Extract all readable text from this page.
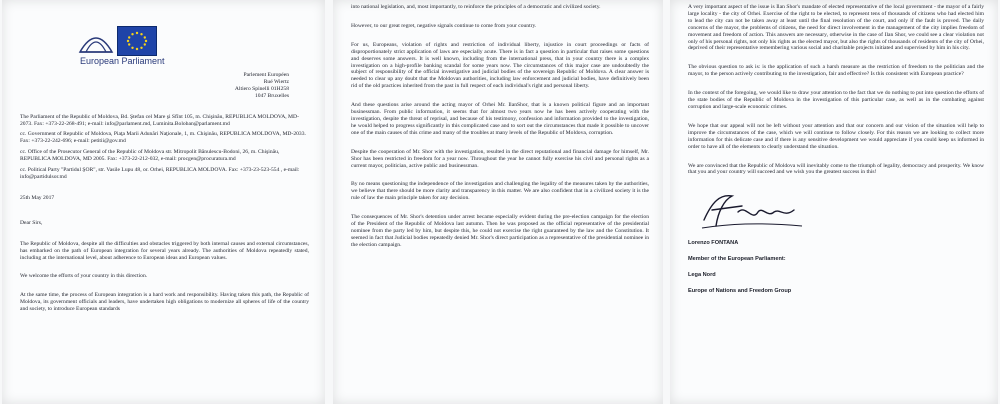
European Parliament
Parlement Européen
Rué Wiertz
Altiero Spinelli 01H258
1047 Bruxelles

The Parliament of the Republic of Moldova, Bd. Ştefan cel Mare şi Sfînt 105, m. Chişinău, REPUBLICA MOLDOVA, MD-2073. Fax: +373-22-268-491; e-mail: info@parlament.md, Luminita.Boloban@parlament.md

cc. Government of Republic of Moldova, Piaţa Marii Adunări Naţionale, 1, m. Chişinău, REPUBLICA MOLDOVA, MD-2033. Fax: +373-22-242-696; e-mail: petitii@gov.md

cc. Office of the Prosecutor General of the Republic of Moldova str. Mitropolit Bănulescu-Bodoni, 26, m. Chişinău, REPUBLICA MOLDOVA, MD 2005. Fax: +373-22-212-032, e-mail: procgen@procuratura.md

cc. Political Party "Partidul ŞOR", str. Vasile Lupu 48, or. Orhei, REPUBLICA MOLDOVA. Fax: +373-23-523-554 , e-mail: info@partidulsor.md

25th May 2017
Dear Sirs,

The Republic of Moldova, despite all the difficulties and obstacles triggered by both internal causes and external circumstances, has embarked on the path of European integration for several years already. The authorities of Moldova repeatedly stated, including at the international level, about adherence to European ideas and European values.

We welcome the efforts of your country in this direction.

At the same time, the process of European integration is a hard work and responsibility. Having taken this path, the Republic of Moldova, its government officials and leaders, have undertaken high obligations to modernize all spheres of life of the country and society, to introduce European standards

into national legislation, and, most importantly, to reinforce the principles of a democratic and civilized society.

However, to our great regret, negative signals continue to come from your country.

For us, Europeans, violation of rights and restriction of individual liberty, injustice in court proceedings or facts of disproportionately strict application of laws are especially acute. There is in fact a question in particular that raises some questions and deserves some answers. It is well known, including from the international press, that in your country there is a complex investigation on a high-profile banking scandal for some years now. The circumstances of this major case are undoubtedly the subject of responsibility of the official investigative and judicial bodies of the sovereign Republic of Moldova. A clear answer is needed to clear up any doubt that the Moldovan authorities, including law enforcement and judicial bodies, have definitively been rid of the old practices inherited from the past in full respect of each individual's right and personal liberty.

And these questions arise around the acting mayor of Orhei Mr. IlanShor, that is a known political figure and an important businessman. From public information, it seems that for almost two years now he has been actively cooperating with the investigation, despite the threat of reprisal, and because of his testimony, confession and information provided to the investigation, he would helped to progress significantly in this complicated case and to sort out the circumstances that made it possible to uncover one of the main causes of this crime and many of the troubles at many levels of the Republic of Moldova, corruption.

Despite the cooperation of Mr. Shor with the investigation, resulted in the direct reputational and financial damage for himself, Mr. Shor has been restricted in freedom for a year now. Throughout the year he cannot fully exercise his civil and personal rights as a current mayor, politician, active public and businessman.

By no means questioning the independence of the investigation and challenging the legality of the measures taken by the authorities, we believe that there should be more clarity and transparency in this matter. We are also confident that in a civilized society it is the rule of law the main principle taken for any decision.

The consequences of Mr. Shor's detention under arrest became especially evident during the pre-election campaign for the election of the President of the Republic of Moldova last autumn. Then he was proposed as the official representative of the presidential nominee from the party led by him, but despite this, he could not exercise the right guaranteed by the law and the Constitution. It seemed in fact that Judicial bodies repeatedly denied Mr. Shor's direct participation as a representative of the presidential nominee in the election campaign.

A very important aspect of the issue is Ilan Shor's mandate of elected representative of the local government - the mayor of a fairly large locality - the city of Orhei. Exercise of the right to be elected, to represent tens of thousands of citizens who had elected him to lead the city can not be taken away at least until the final resolution of the court, and only if the fault is proved. The daily concerns of the mayor, the problems of citizens, the need for direct involvement in the management of the city implies freedom of movement and freedom of action. This answers are necessary, otherwise in the case of Ilan Shor, we could see a clear violation not only of his personal rights, not only his rights as the elected mayor, but also the rights of thousands of residents of the city of Orhei, deprived of their representative remembering various social and charitable projects initiated and supervised by him in his city.

The obvious question to ask is: is the application of such a harsh measure as the restriction of freedom to the politician and the mayor, to the person actively contributing to the investigation, fair and effective? Is this consistent with European practice?

In the context of the foregoing, we would like to draw your attention to the fact that we do nothing to put into question the efforts of the state bodies of the Republic of Moldova in the investigation of this particular case, as well as in the combating against corruption and large-scale economic crimes.

We hope that our appeal will not be left without your attention and that our concern and our vision of the situation will help to improve the circumstances of the case, which we will continue to follow closely. For this reason we are looking to collect more information for this delicate case and if there is any sensitive development we would appreciate if you could keep us informed in order to have all of the elements to clearly understand the situation.

We are convinced that the Republic of Moldova will inevitably come to the triumph of legality, democracy and prosperity. We know that you and your country will succeed and we wish you the greatest success in this!

Lorenzo FONTANA
Member of the European Parliament:
Lega Nord
Europe of Nations and Freedom Group
